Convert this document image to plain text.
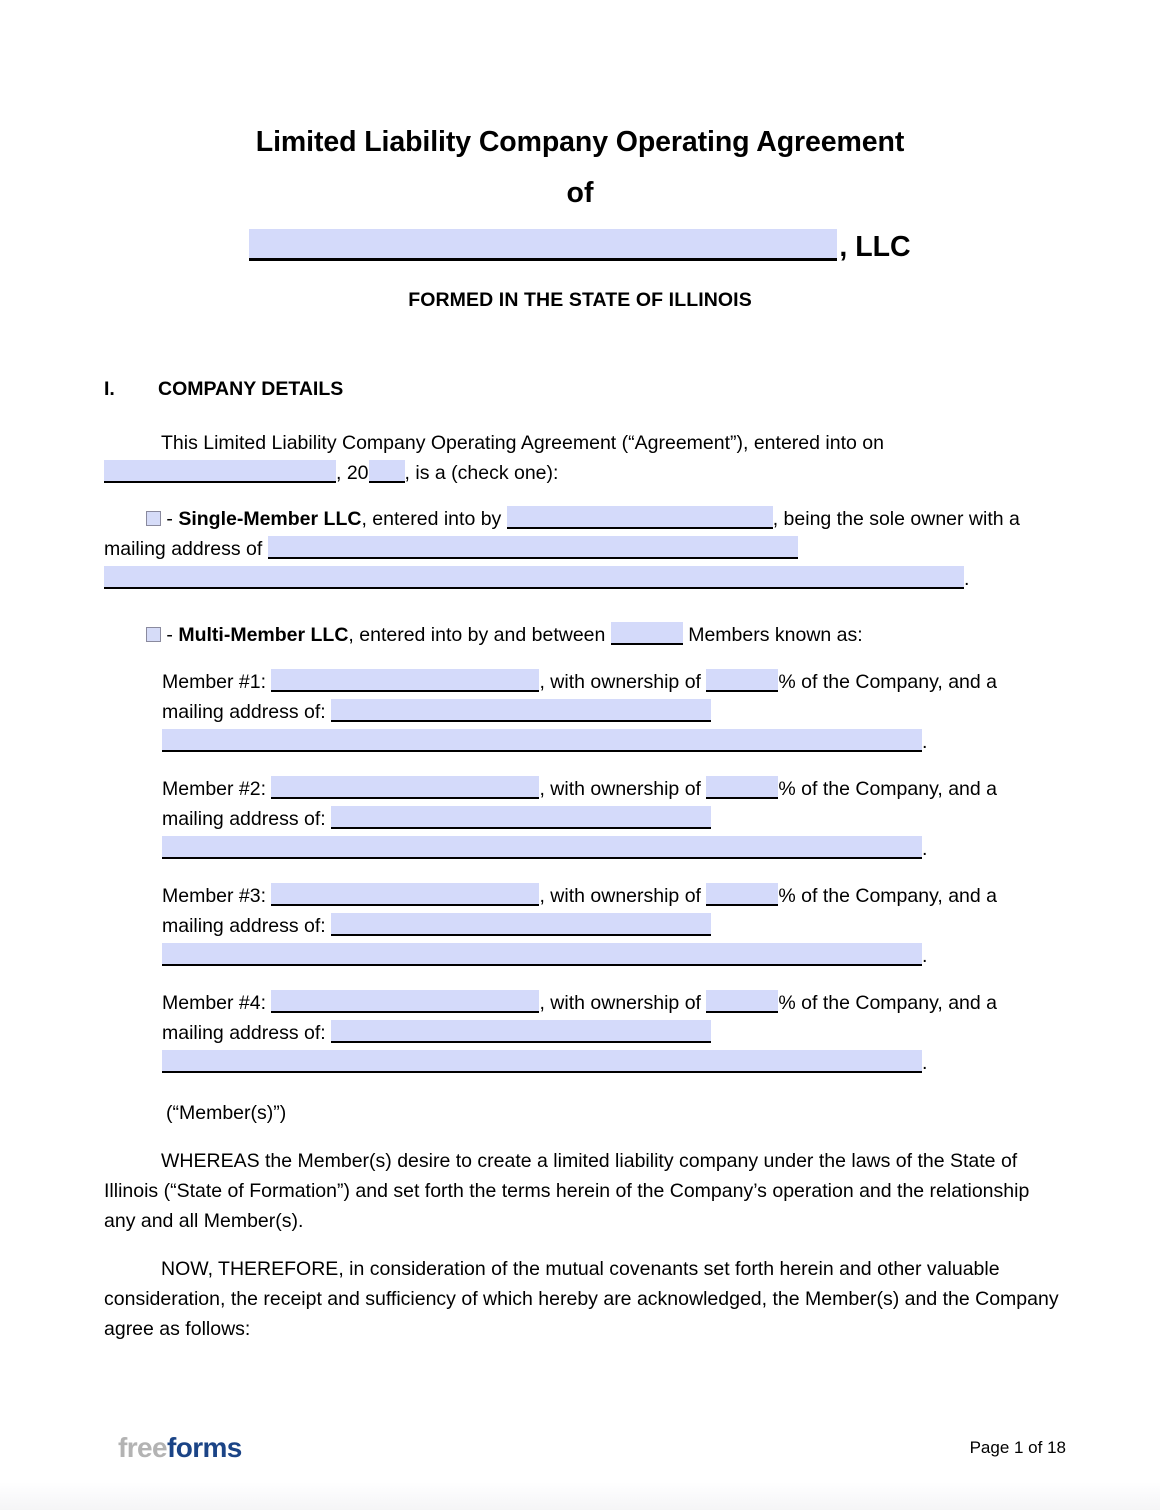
Limited Liability Company Operating Agreement
of
, LLC
FORMED IN THE STATE OF ILLINOIS
I.	COMPANY DETAILS
This Limited Liability Company Operating Agreement (“Agreement”), entered into on , 20 , is a (check one):
- Single-Member LLC, entered into by	, being the sole owner with a mailing address of .
- Multi-Member LLC, entered into by and between	Members known as:
Member #1:	, with ownership of	% of the Company, and a mailing address of: .
Member #2:	, with ownership of	% of the Company, and a mailing address of: .
Member #3:	, with ownership of	% of the Company, and a mailing address of: .
Member #4:	, with ownership of	% of the Company, and a mailing address of: .
(“Member(s)”)
WHEREAS the Member(s) desire to create a limited liability company under the laws of the State of Illinois (“State of Formation”) and set forth the terms herein of the Company’s operation and the relationship any and all Member(s).
NOW, THEREFORE, in consideration of the mutual covenants set forth herein and other valuable consideration, the receipt and sufficiency of which hereby are acknowledged, the Member(s) and the Company agree as follows:
freeforms	Page 1 of 18
